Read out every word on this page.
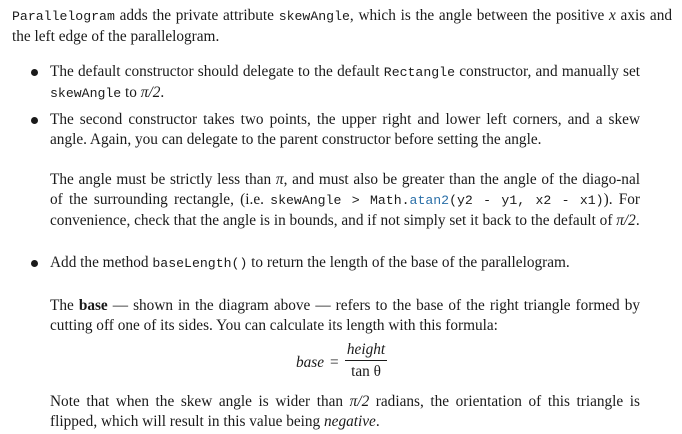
Parallelogram adds the private attribute skewAngle, which is the angle between the positive x axis and the left edge of the parallelogram.

The default constructor should delegate to the default Rectangle constructor, and manually set skewAngle to π/2.

The second constructor takes two points, the upper right and lower left corners, and a skew angle. Again, you can delegate to the parent constructor before setting the angle.

The angle must be strictly less than π, and must also be greater than the angle of the diago-nal of the surrounding rectangle, (i.e. skewAngle > Math.atan2(y2 - y1, x2 - x1)). For convenience, check that the angle is in bounds, and if not simply set it back to the default of π/2.

Add the method baseLength() to return the length of the base of the parallelogram.

The base — shown in the diagram above — refers to the base of the right triangle formed by cutting off one of its sides. You can calculate its length with this formula:

base =
height
tan θ

Note that when the skew angle is wider than π/2 radians, the orientation of this triangle is flipped, which will result in this value being negative.
